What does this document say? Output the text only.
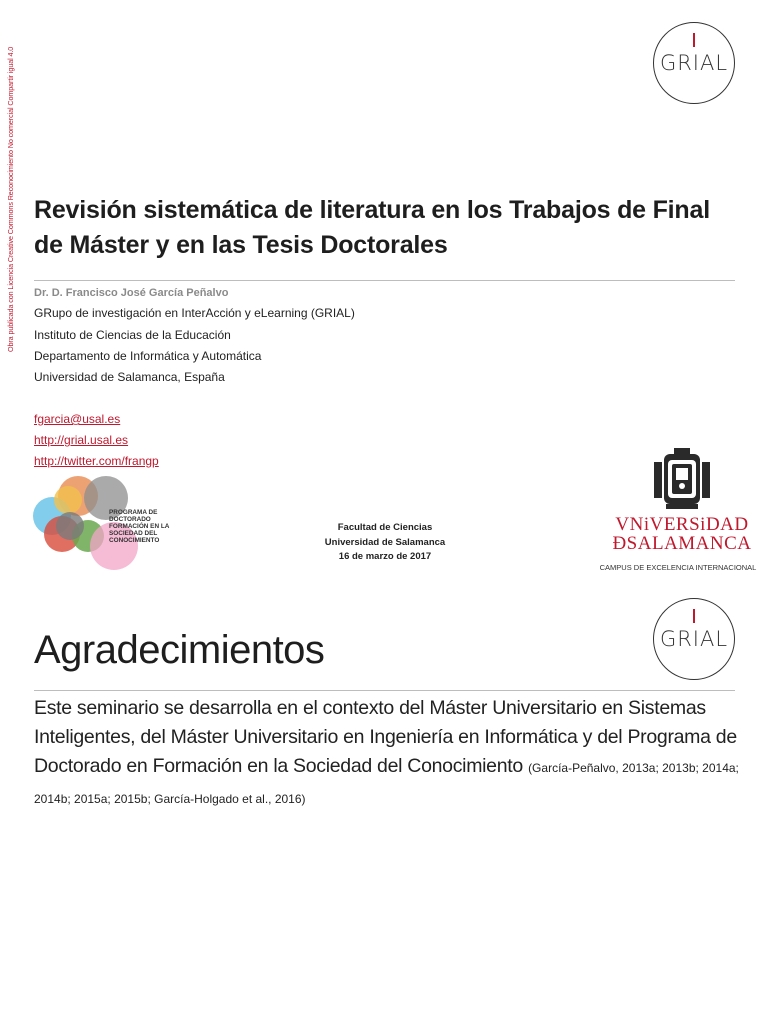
Obra publicada con Licencia Creative Commons Reconocimiento No comercial Compartir igual 4.0	GRIAL
Revisión sistemática de literatura en los Trabajos de Final de Máster y en las Tesis Doctorales
Dr. D. Francisco José García Peñalvo
GRupo de investigación en InterAcción y eLearning (GRIAL)
Instituto de Ciencias de la Educación
Departamento de Informática y Automática
Universidad de Salamanca, España
fgarcia@usal.es
http://grial.usal.es
http://twitter.com/frangp
PROGRAMA DE DOCTORADO FORMACIÓN EN LA SOCIEDAD DEL CONOCIMIENTO
Facultad de Ciencias
Universidad de Salamanca
16 de marzo de 2017
VNiVERSiDAD
ÐSALAMANCA
CAMPUS DE EXCELENCIA INTERNACIONAL
GRIAL
Agradecimientos
Este seminario se desarrolla en el contexto del Máster Universitario en Sistemas Inteligentes, del Máster Universitario en Ingeniería en Informática y del Programa de Doctorado en Formación en la Sociedad del Conocimiento (García-Peñalvo, 2013a; 2013b; 2014a; 2014b; 2015a; 2015b; García-Holgado et al., 2016)
